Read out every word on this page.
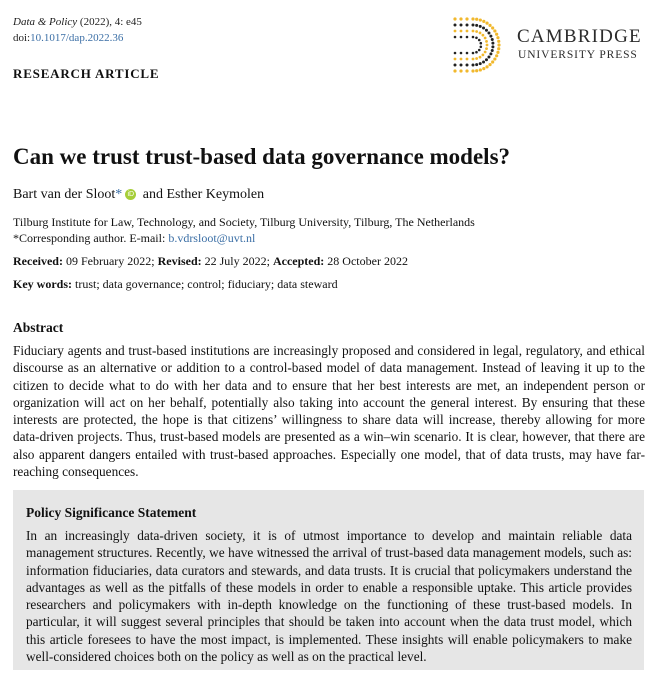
Data & Policy (2022), 4: e45
doi:10.1017/dap.2022.36	CAMBRIDGE
UNIVERSITY PRESS
RESEARCH ARTICLE
Can we trust trust-based data governance models?
Bart van der Sloot* iD and Esther Keymolen
Tilburg Institute for Law, Technology, and Society, Tilburg University, Tilburg, The Netherlands
*Corresponding author. E-mail: b.vdrsloot@uvt.nl
Received: 09 February 2022; Revised: 22 July 2022; Accepted: 28 October 2022
Key words: trust; data governance; control; fiduciary; data steward
Abstract

Fiduciary agents and trust-based institutions are increasingly proposed and considered in legal, regulatory, and ethical discourse as an alternative or addition to a control-based model of data management. Instead of leaving it up to the citizen to decide what to do with her data and to ensure that her best interests are met, an independent person or organization will act on her behalf, potentially also taking into account the general interest. By ensuring that these interests are protected, the hope is that citizens’ willingness to share data will increase, thereby allowing for more data-driven projects. Thus, trust-based models are presented as a win–win scenario. It is clear, however, that there are also apparent dangers entailed with trust-based approaches. Especially one model, that of data trusts, may have far-reaching consequences.

Policy Significance Statement

In an increasingly data-driven society, it is of utmost importance to develop and maintain reliable data management structures. Recently, we have witnessed the arrival of trust-based data management models, such as: information fiduciaries, data curators and stewards, and data trusts. It is crucial that policymakers understand the advantages as well as the pitfalls of these models in order to enable a responsible uptake. This article provides researchers and policymakers with in-depth knowledge on the functioning of these trust-based models. In particular, it will suggest several principles that should be taken into account when the data trust model, which this article foresees to have the most impact, is implemented. These insights will enable policymakers to make well-considered choices both on the policy as well as on the practical level.
